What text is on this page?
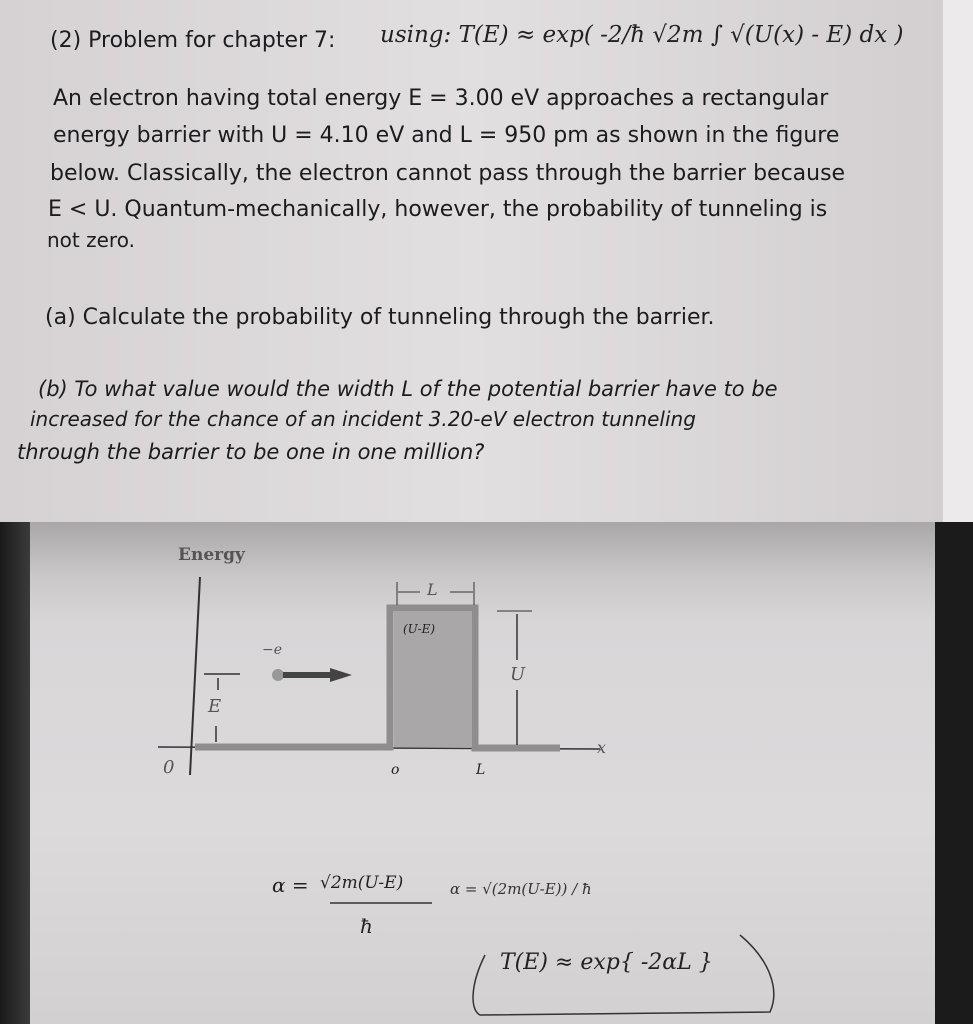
(2) Problem for chapter 7: using: T(E) ≈ exp( -2/ħ √2m ∫ √(U(x) - E) dx )
An electron having total energy E = 3.00 eV approaches a rectangular
energy barrier with U = 4.10 eV and L = 950 pm as shown in the figure
below. Classically, the electron cannot pass through the barrier because
E < U. Quantum-mechanically, however, the probability of tunneling is
not zero.
(a) Calculate the probability of tunneling through the barrier.
(b) To what value would the width L of the potential barrier have to be
increased for the chance of an incident 3.20-eV electron tunneling
through the barrier to be one in one million?
Energy
x
0
E
U
L
−e
(U-E)
o	L
α = √2m(U-E)
ħ
α = √(2m(U-E)) / ħ
T(E) ≈ exp{ -2αL }
